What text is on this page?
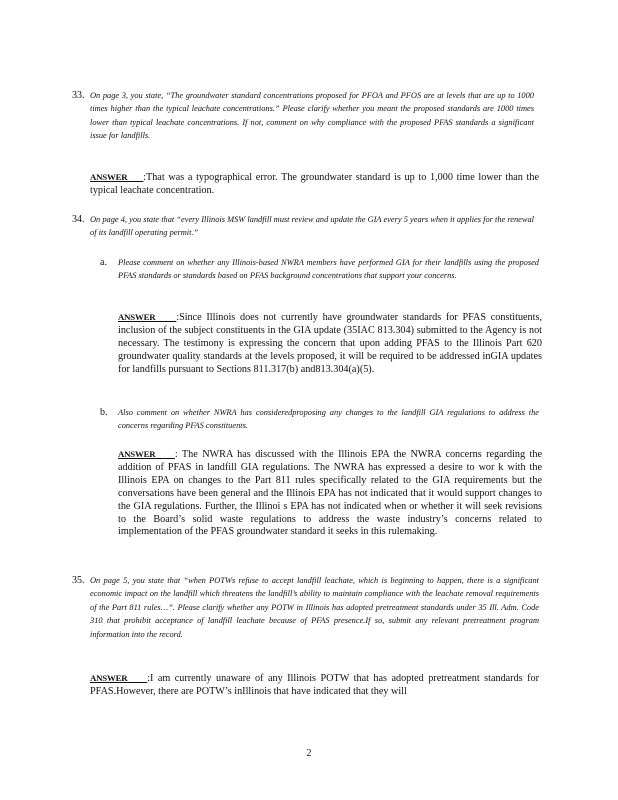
33. On page 3, you state, “The groundwater standard concentrations proposed for PFOA and PFOS are at levels that are up to 1000 times higher than the typical leachate concentrations.” Please clarify whether you meant the proposed standards are 1000 times lower than typical leachate concentrations. If not, comment on why compliance with the proposed PFAS standards a significant issue for landfills.
ANSWER :That was a typographical error. The groundwater standard is up to 1,000 time lower than the typical leachate concentration.
34. On page 4, you state that “every Illinois MSW landfill must review and update the GIA every 5 years when it applies for the renewal of its landfill operating permit.”
a. Please comment on whether any Illinois-based NWRA members have performed GIA for their landfills using the proposed PFAS standards or standards based on PFAS background concentrations that support your concerns.
ANSWER :Since Illinois does not currently have groundwater standards for PFAS constituents, inclusion of the subject constituents in the GIA update (35IAC 813.304) submitted to the Agency is not necessary. The testimony is expressing the concern that upon adding PFAS to the Illinois Part 620 groundwater quality standards at the levels proposed, it will be required to be addressed inGIA updates for landfills pursuant to Sections 811.317(b) and813.304(a)(5).
b. Also comment on whether NWRA has consideredproposing any changes to the landfill GIA regulations to address the concerns regarding PFAS constituents.
ANSWER : The NWRA has discussed with the Illinois EPA the NWRA concerns regarding the addition of PFAS in landfill GIA regulations. The NWRA has expressed a desire to wor k with the Illinois EPA on changes to the Part 811 rules specifically related to the GIA requirements but the conversations have been general and the Illinois EPA has not indicated that it would support changes to the GIA regulations. Further, the Illinoi s EPA has not indicated when or whether it will seek revisions to the Board’s solid waste regulations to address the waste industry’s concerns related to implementation of the PFAS groundwater standard it seeks in this rulemaking.
35. On page 5, you state that “when POTWs refuse to accept landfill leachate, which is beginning to happen, there is a significant economic impact on the landfill which threatens the landfill’s ability to maintain compliance with the leachate removal requirements of the Part 811 rules…”. Please clarify whether any POTW in Illinois has adopted pretreatment standards under 35 Ill. Adm. Code 310 that prohibit acceptance of landfill leachate because of PFAS presence.If so, submit any relevant pretreatment program information into the record.
ANSWER :I am currently unaware of any Illinois POTW that has adopted pretreatment standards for PFAS.However, there are POTW’s inIllinois that have indicated that they will
2
